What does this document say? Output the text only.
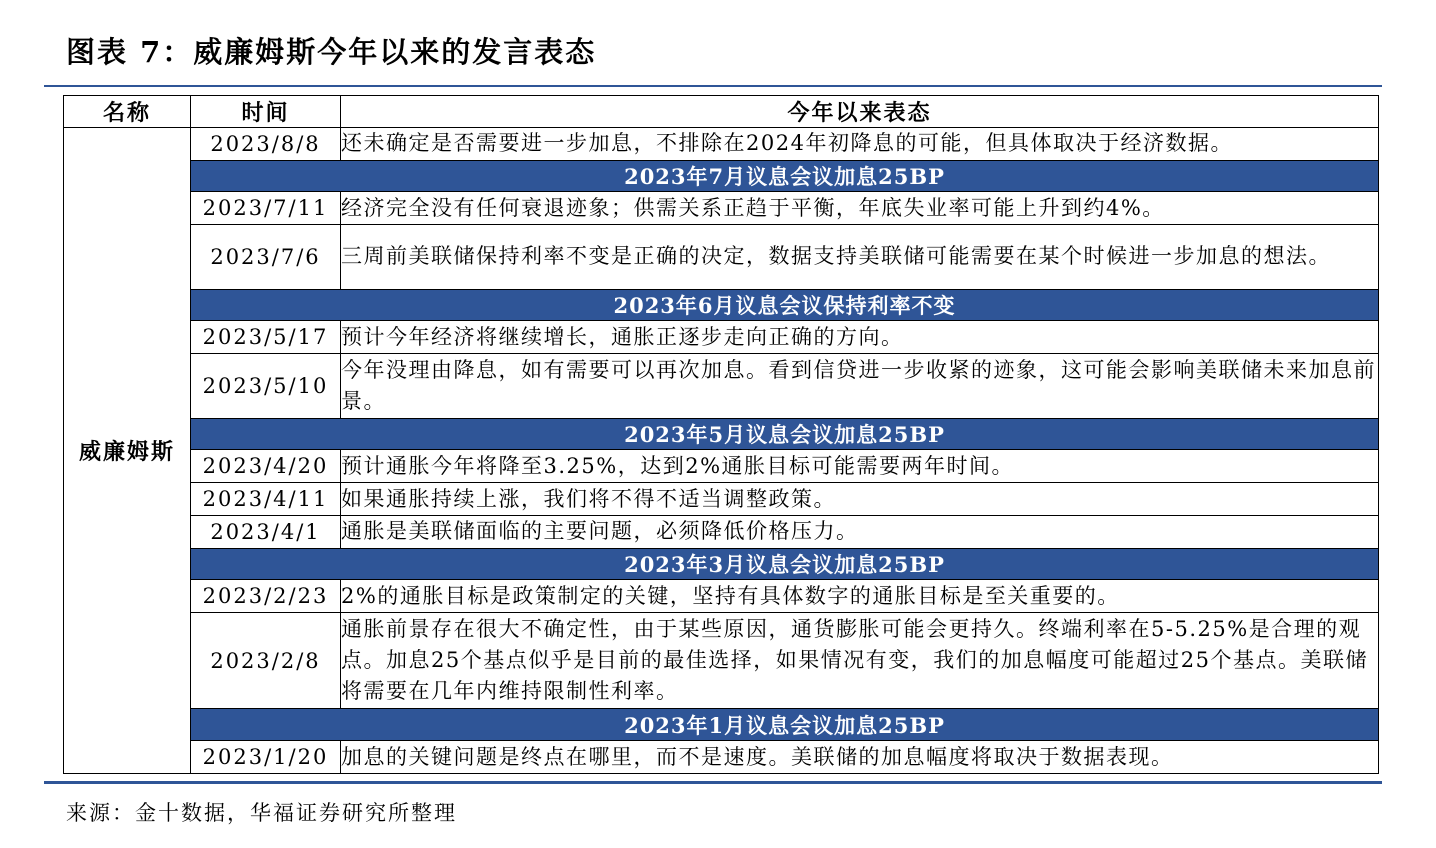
图表 7：威廉姆斯今年以来的发言表态
名称	时间	今年以来表态
威廉姆斯	2023/8/8	还未确定是否需要进一步加息，不排除在2024年初降息的可能，但具体取决于经济数据。
	2023年7月议息会议加息25BP	
	2023/7/11	经济完全没有任何衰退迹象；供需关系正趋于平衡，年底失业率可能上升到约4%。
	2023/7/6	三周前美联储保持利率不变是正确的决定，数据支持美联储可能需要在某个时候进一步加息的想法。
	2023年6月议息会议保持利率不变	
	2023/5/17	预计今年经济将继续增长，通胀正逐步走向正确的方向。
	2023/5/10	今年没理由降息，如有需要可以再次加息。看到信贷进一步收紧的迹象，这可能会影响美联储未来加息前景。
	2023年5月议息会议加息25BP	
	2023/4/20	预计通胀今年将降至3.25%，达到2%通胀目标可能需要两年时间。
	2023/4/11	如果通胀持续上涨，我们将不得不适当调整政策。
	2023/4/1	通胀是美联储面临的主要问题，必须降低价格压力。
	2023年3月议息会议加息25BP	
	2023/2/23	2%的通胀目标是政策制定的关键，坚持有具体数字的通胀目标是至关重要的。
	2023/2/8	通胀前景存在很大不确定性，由于某些原因，通货膨胀可能会更持久。终端利率在5-5.25%是合理的观点。加息25个基点似乎是目前的最佳选择，如果情况有变，我们的加息幅度可能超过25个基点。美联储将需要在几年内维持限制性利率。
	2023年1月议息会议加息25BP	
	2023/1/20	加息的关键问题是终点在哪里，而不是速度。美联储的加息幅度将取决于数据表现。
来源：金十数据，华福证券研究所整理
